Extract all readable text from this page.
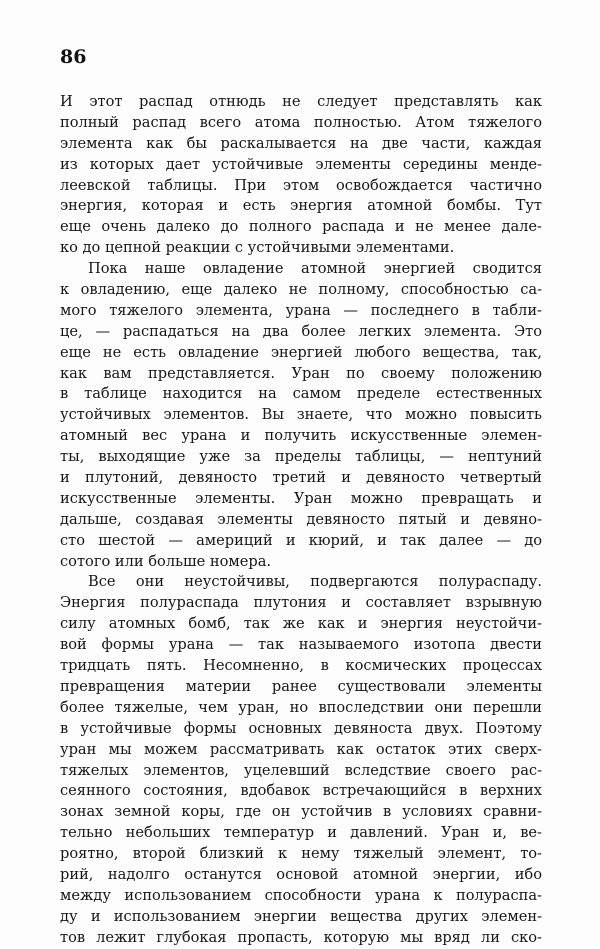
86
И этот распад отнюдь не следует представлять как
полный распад всего атома полностью. Атом тяжелого
элемента как бы раскалывается на две части, каждая
из которых дает устойчивые элементы середины менде-
леевской таблицы. При этом освобождается частично
энергия, которая и есть энергия атомной бомбы. Тут
еще очень далеко до полного распада и не менее дале-
ко до цепной реакции с устойчивыми элементами.
Пока наше овладение атомной энергией сводится
к овладению, еще далеко не полному, способностью са-
мого тяжелого элемента, урана — последнего в табли-
це, — распадаться на два более легких элемента. Это
еще не есть овладение энергией любого вещества, так,
как вам представляется. Уран по своему положению
в таблице находится на самом пределе естественных
устойчивых элементов. Вы знаете, что можно повысить
атомный вес урана и получить искусственные элемен-
ты, выходящие уже за пределы таблицы, — нептуний
и плутоний, девяносто третий и девяносто четвертый
искусственные элементы. Уран можно превращать и
дальше, создавая элементы девяносто пятый и девяно-
сто шестой — америций и кюрий, и так далее — до
сотого или больше номера.
Все они неустойчивы, подвергаются полураспаду.
Энергия полураспада плутония и составляет взрывную
силу атомных бомб, так же как и энергия неустойчи-
вой формы урана — так называемого изотопа двести
тридцать пять. Несомненно, в космических процессах
превращения материи ранее существовали элементы
более тяжелые, чем уран, но впоследствии они перешли
в устойчивые формы основных девяноста двух. Поэтому
уран мы можем рассматривать как остаток этих сверх-
тяжелых элементов, уцелевший вследствие своего рас-
сеянного состояния, вдобавок встречающийся в верхних
зонах земной коры, где он устойчив в условиях сравни-
тельно небольших температур и давлений. Уран и, ве-
роятно, второй близкий к нему тяжелый элемент, то-
рий, надолго останутся основой атомной энергии, ибо
между использованием способности урана к полураспа-
ду и использованием энергии вещества других элемен-
тов лежит глубокая пропасть, которую мы вряд ли ско-
